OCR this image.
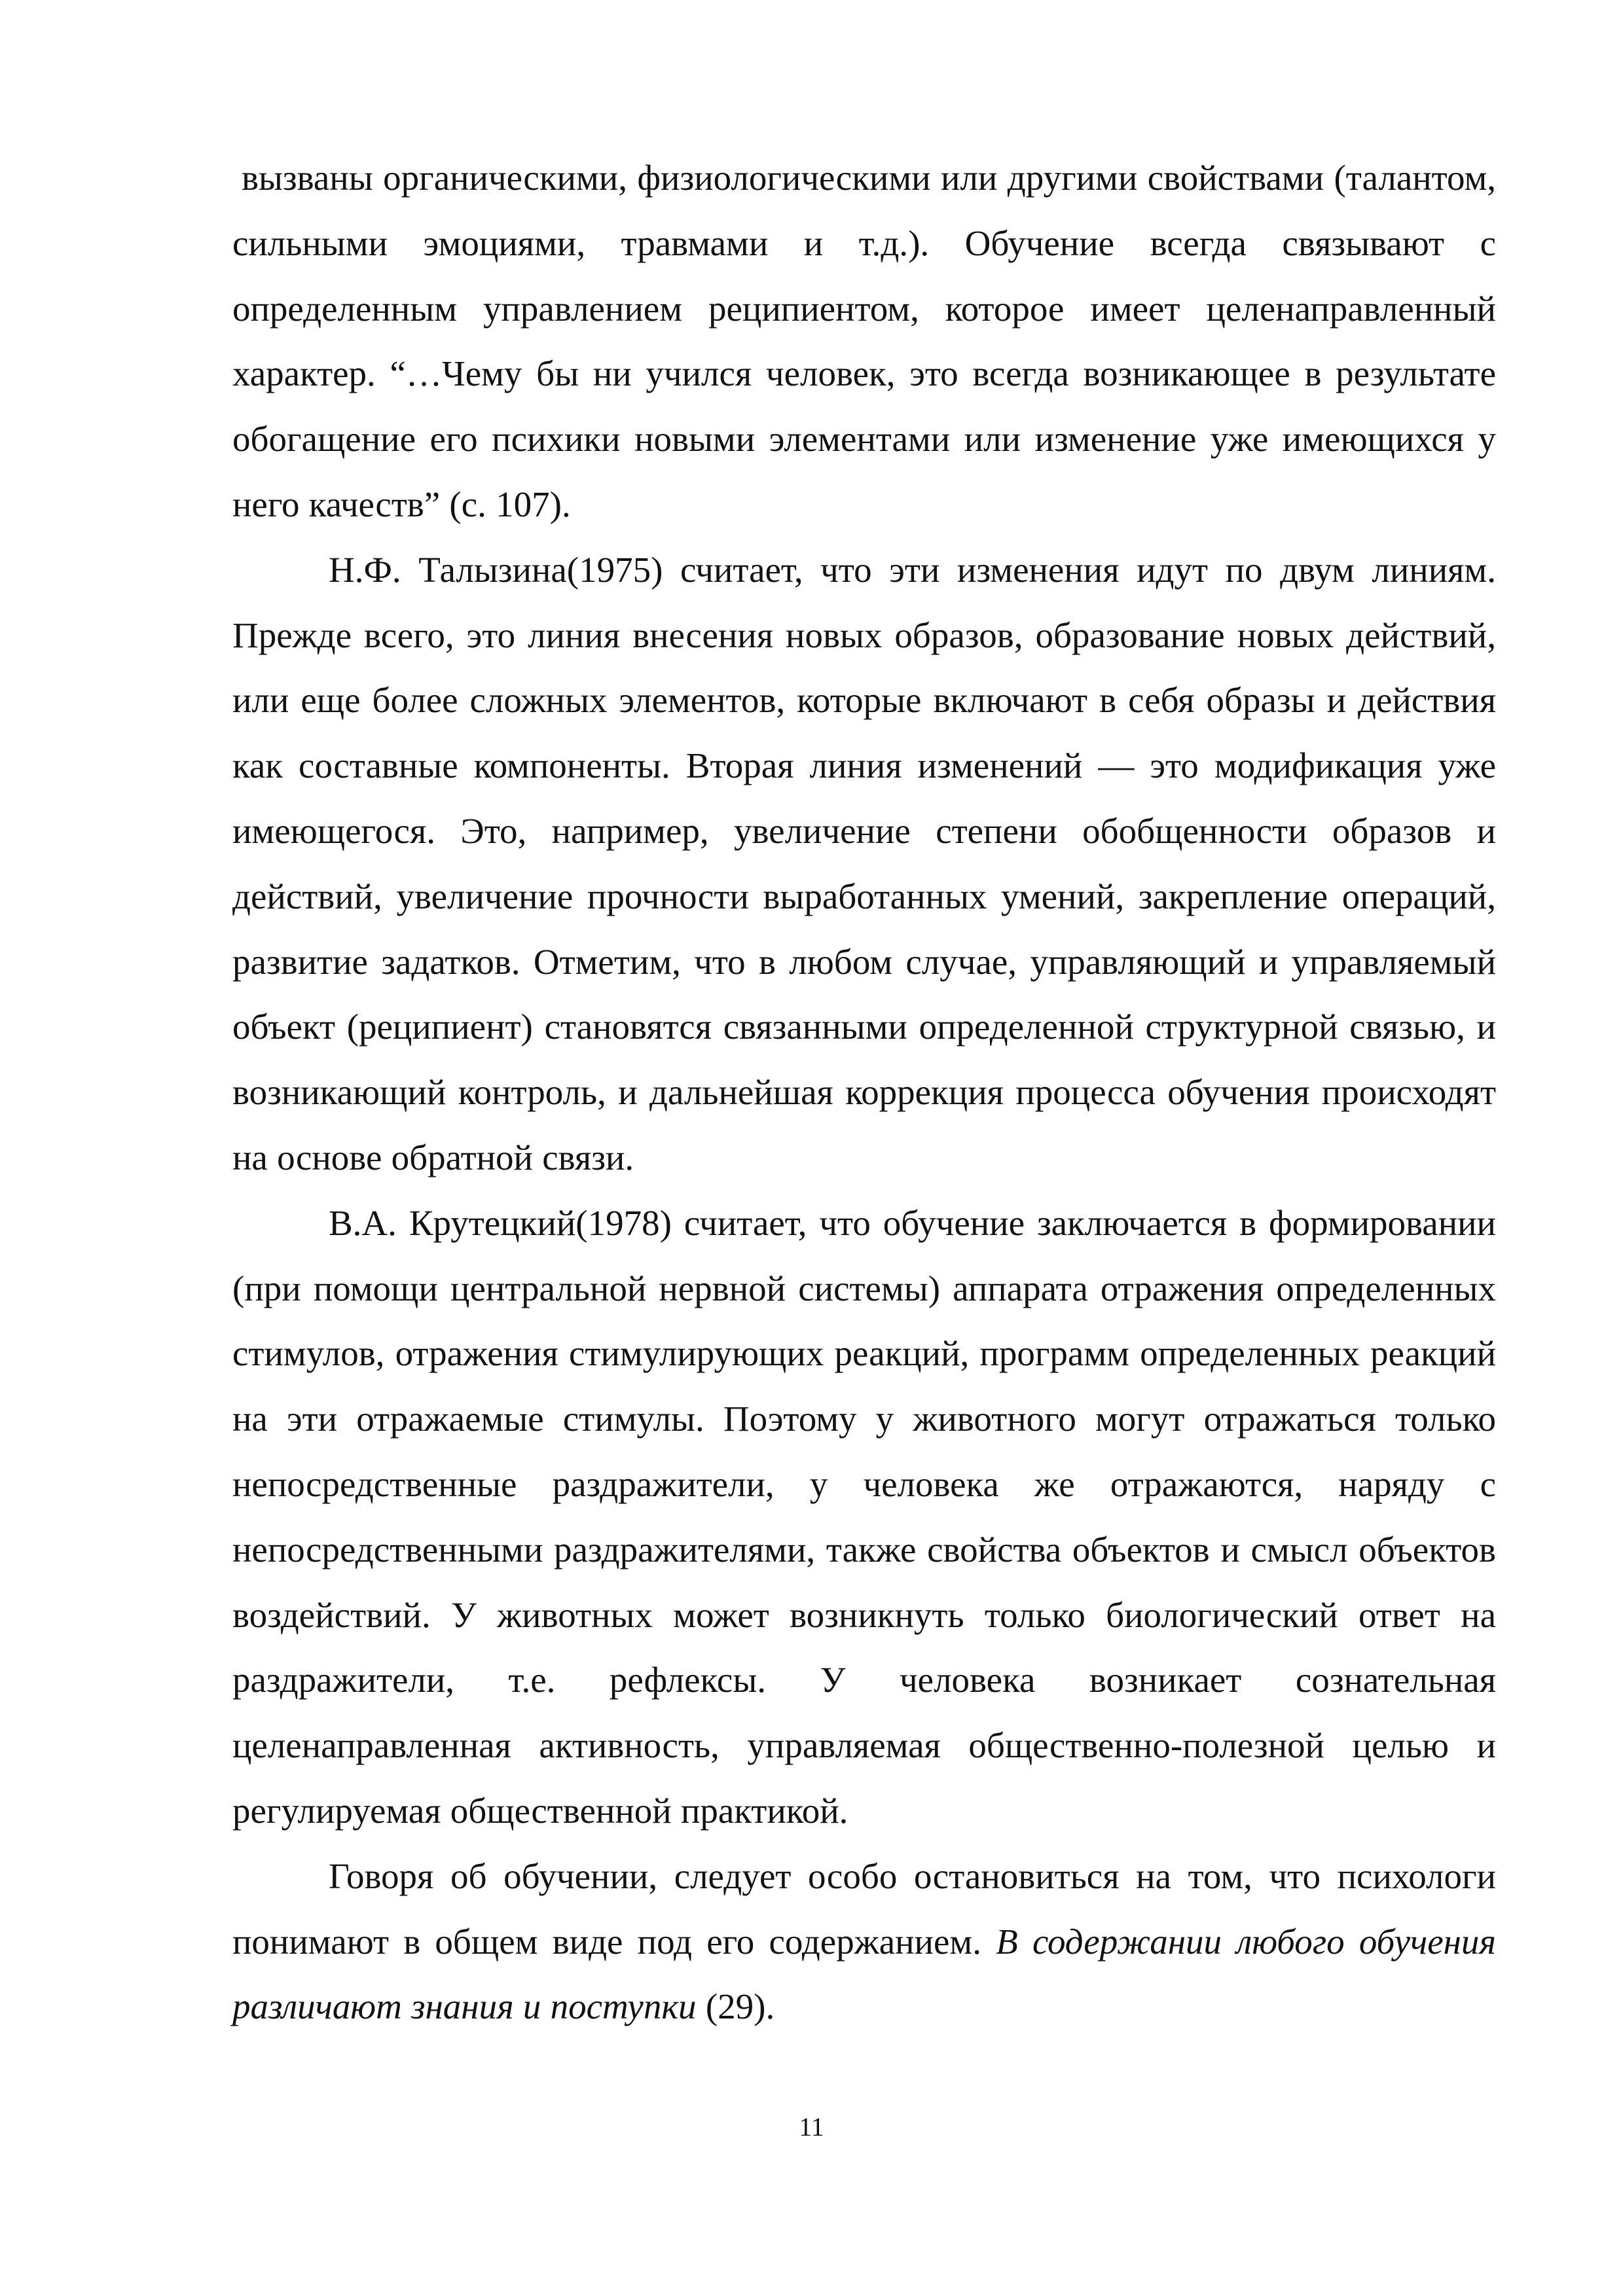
вызваны органическими, физиологическими или другими свойствами (талантом, сильными эмоциями, травмами и т.д.). Обучение всегда связывают с определенным управлением реципиентом, которое имеет целенаправленный характер. “…Чему бы ни учился человек, это всегда возникающее в результате обогащение его психики новыми элементами или изменение уже имеющихся у него качеств” (с. 107).

Н.Ф. Талызина(1975) считает, что эти изменения идут по двум линиям. Прежде всего, это линия внесения новых образов, образование новых действий, или еще более сложных элементов, которые включают в себя образы и действия как составные компоненты. Вторая линия изменений — это модификация уже имеющегося. Это, например, увеличение степени обобщенности образов и действий, увеличение прочности выработанных умений, закрепление операций, развитие задатков. Отметим, что в любом случае, управляющий и управляемый объект (реципиент) становятся связанными определенной структурной связью, и возникающий контроль, и дальнейшая коррекция процесса обучения происходят на основе обратной связи.

В.А. Крутецкий(1978) считает, что обучение заключается в формировании (при помощи центральной нервной системы) аппарата отражения определенных стимулов, отражения стимулирующих реакций, программ определенных реакций на эти отражаемые стимулы. Поэтому у животного могут отражаться только непосредственные раздражители, у человека же отражаются, наряду с непосредственными раздражителями, также свойства объектов и смысл объектов воздействий. У животных может возникнуть только биологический ответ на раздражители, т.е. рефлексы. У человека возникает сознательная целенаправленная активность, управляемая общественно-полезной целью и регулируемая общественной практикой.

Говоря об обучении, следует особо остановиться на том, что психологи понимают в общем виде под его содержанием. В содержании любого обучения различают знания и поступки (29).

11
